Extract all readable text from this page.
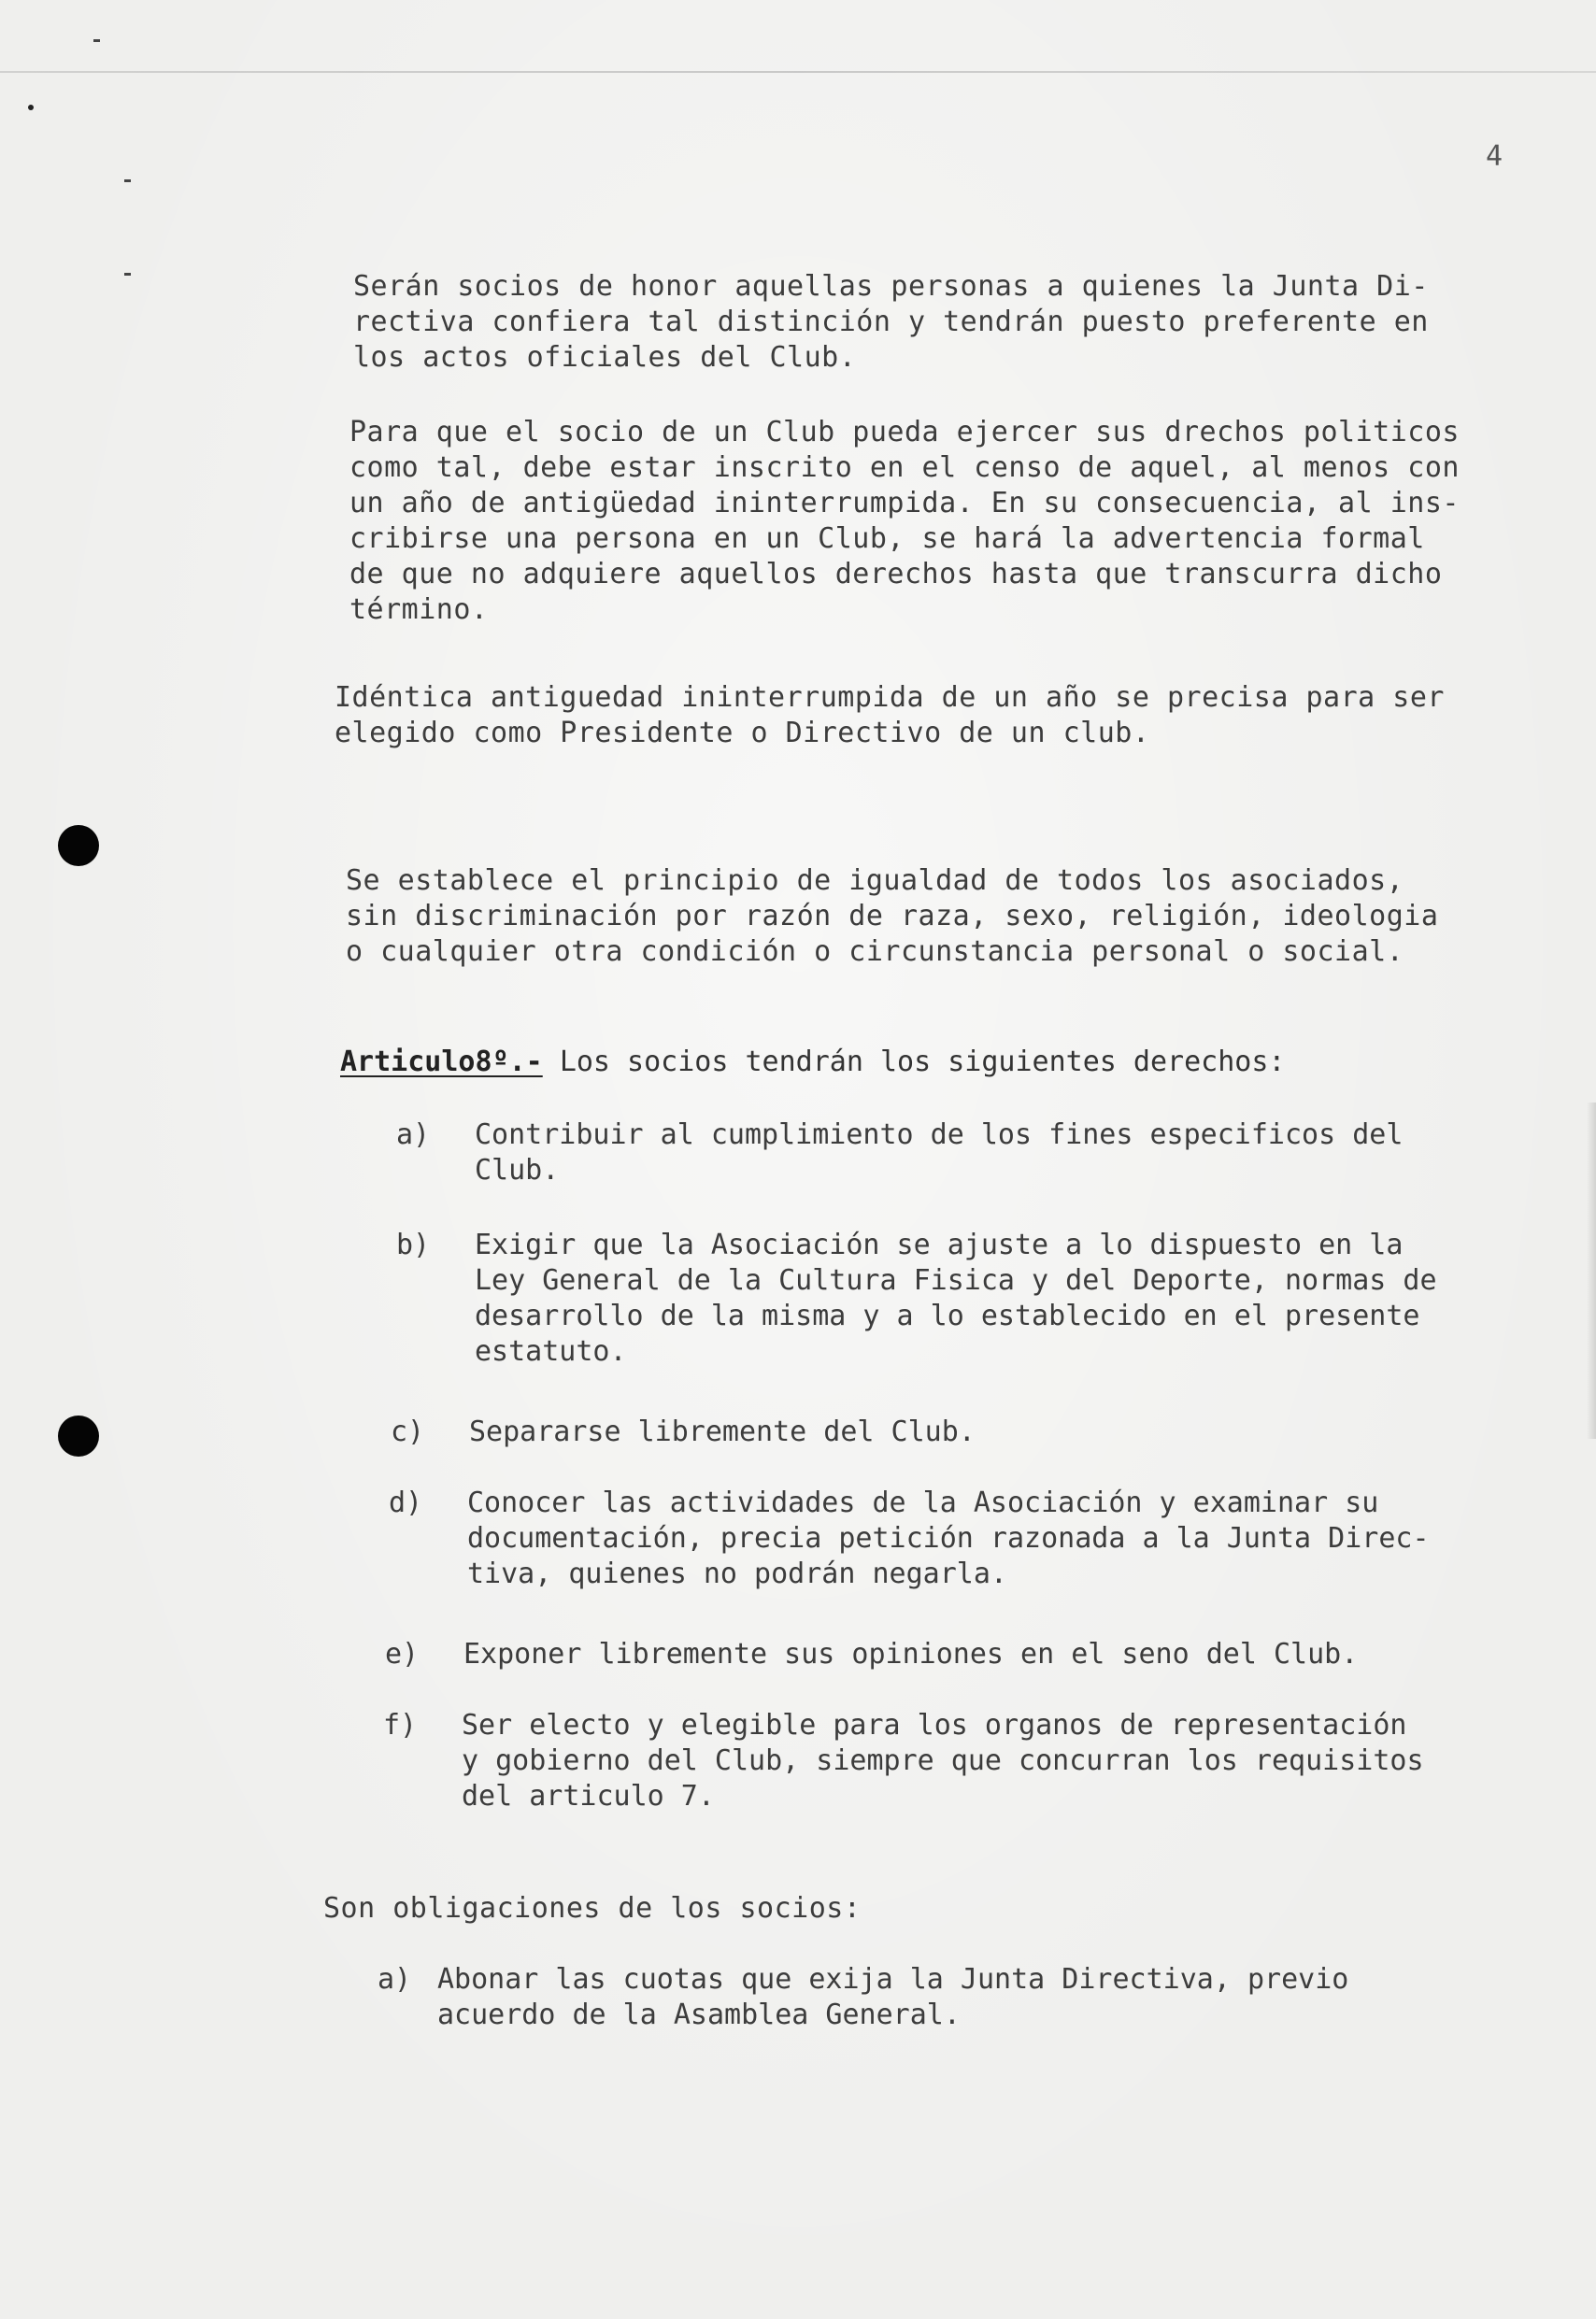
4

Serán socios de honor aquellas personas a quienes la Junta Di-

rectiva confiera tal distinción y tendrán puesto preferente en

los actos oficiales del Club.

Para que el socio de un Club pueda ejercer sus drechos politicos

como tal, debe estar inscrito en el censo de aquel, al menos con

un año de antigüedad ininterrumpida. En su consecuencia, al ins-

cribirse una persona en un Club, se hará la advertencia formal

de que no adquiere aquellos derechos hasta que transcurra dicho

término.

Idéntica antiguedad ininterrumpida de un año se precisa para ser

elegido como Presidente o Directivo de un club.

Se establece el principio de igualdad de todos los asociados,

sin discriminación por razón de raza, sexo, religión, ideologia

o cualquier otra condición o circunstancia personal o social.

Articulo8º.- Los socios tendrán los siguientes derechos:
a)	Contribuir al cumplimiento de los fines especificos del

Club.

b)	Exigir que la Asociación se ajuste a lo dispuesto en la

Ley General de la Cultura Fisica y del Deporte, normas de

desarrollo de la misma y a lo establecido en el presente

estatuto.

c)	Separarse libremente del Club.

d)	Conocer las actividades de la Asociación y examinar su

documentación, precia petición razonada a la Junta Direc-

tiva, quienes no podrán negarla.

e)	Exponer libremente sus opiniones en el seno del Club.

f)	Ser electo y elegible para los organos de representación

y gobierno del Club, siempre que concurran los requisitos

del articulo 7.

Son obligaciones de los socios:

a) Abonar las cuotas que exija la Junta Directiva, previo

acuerdo de la Asamblea General.
